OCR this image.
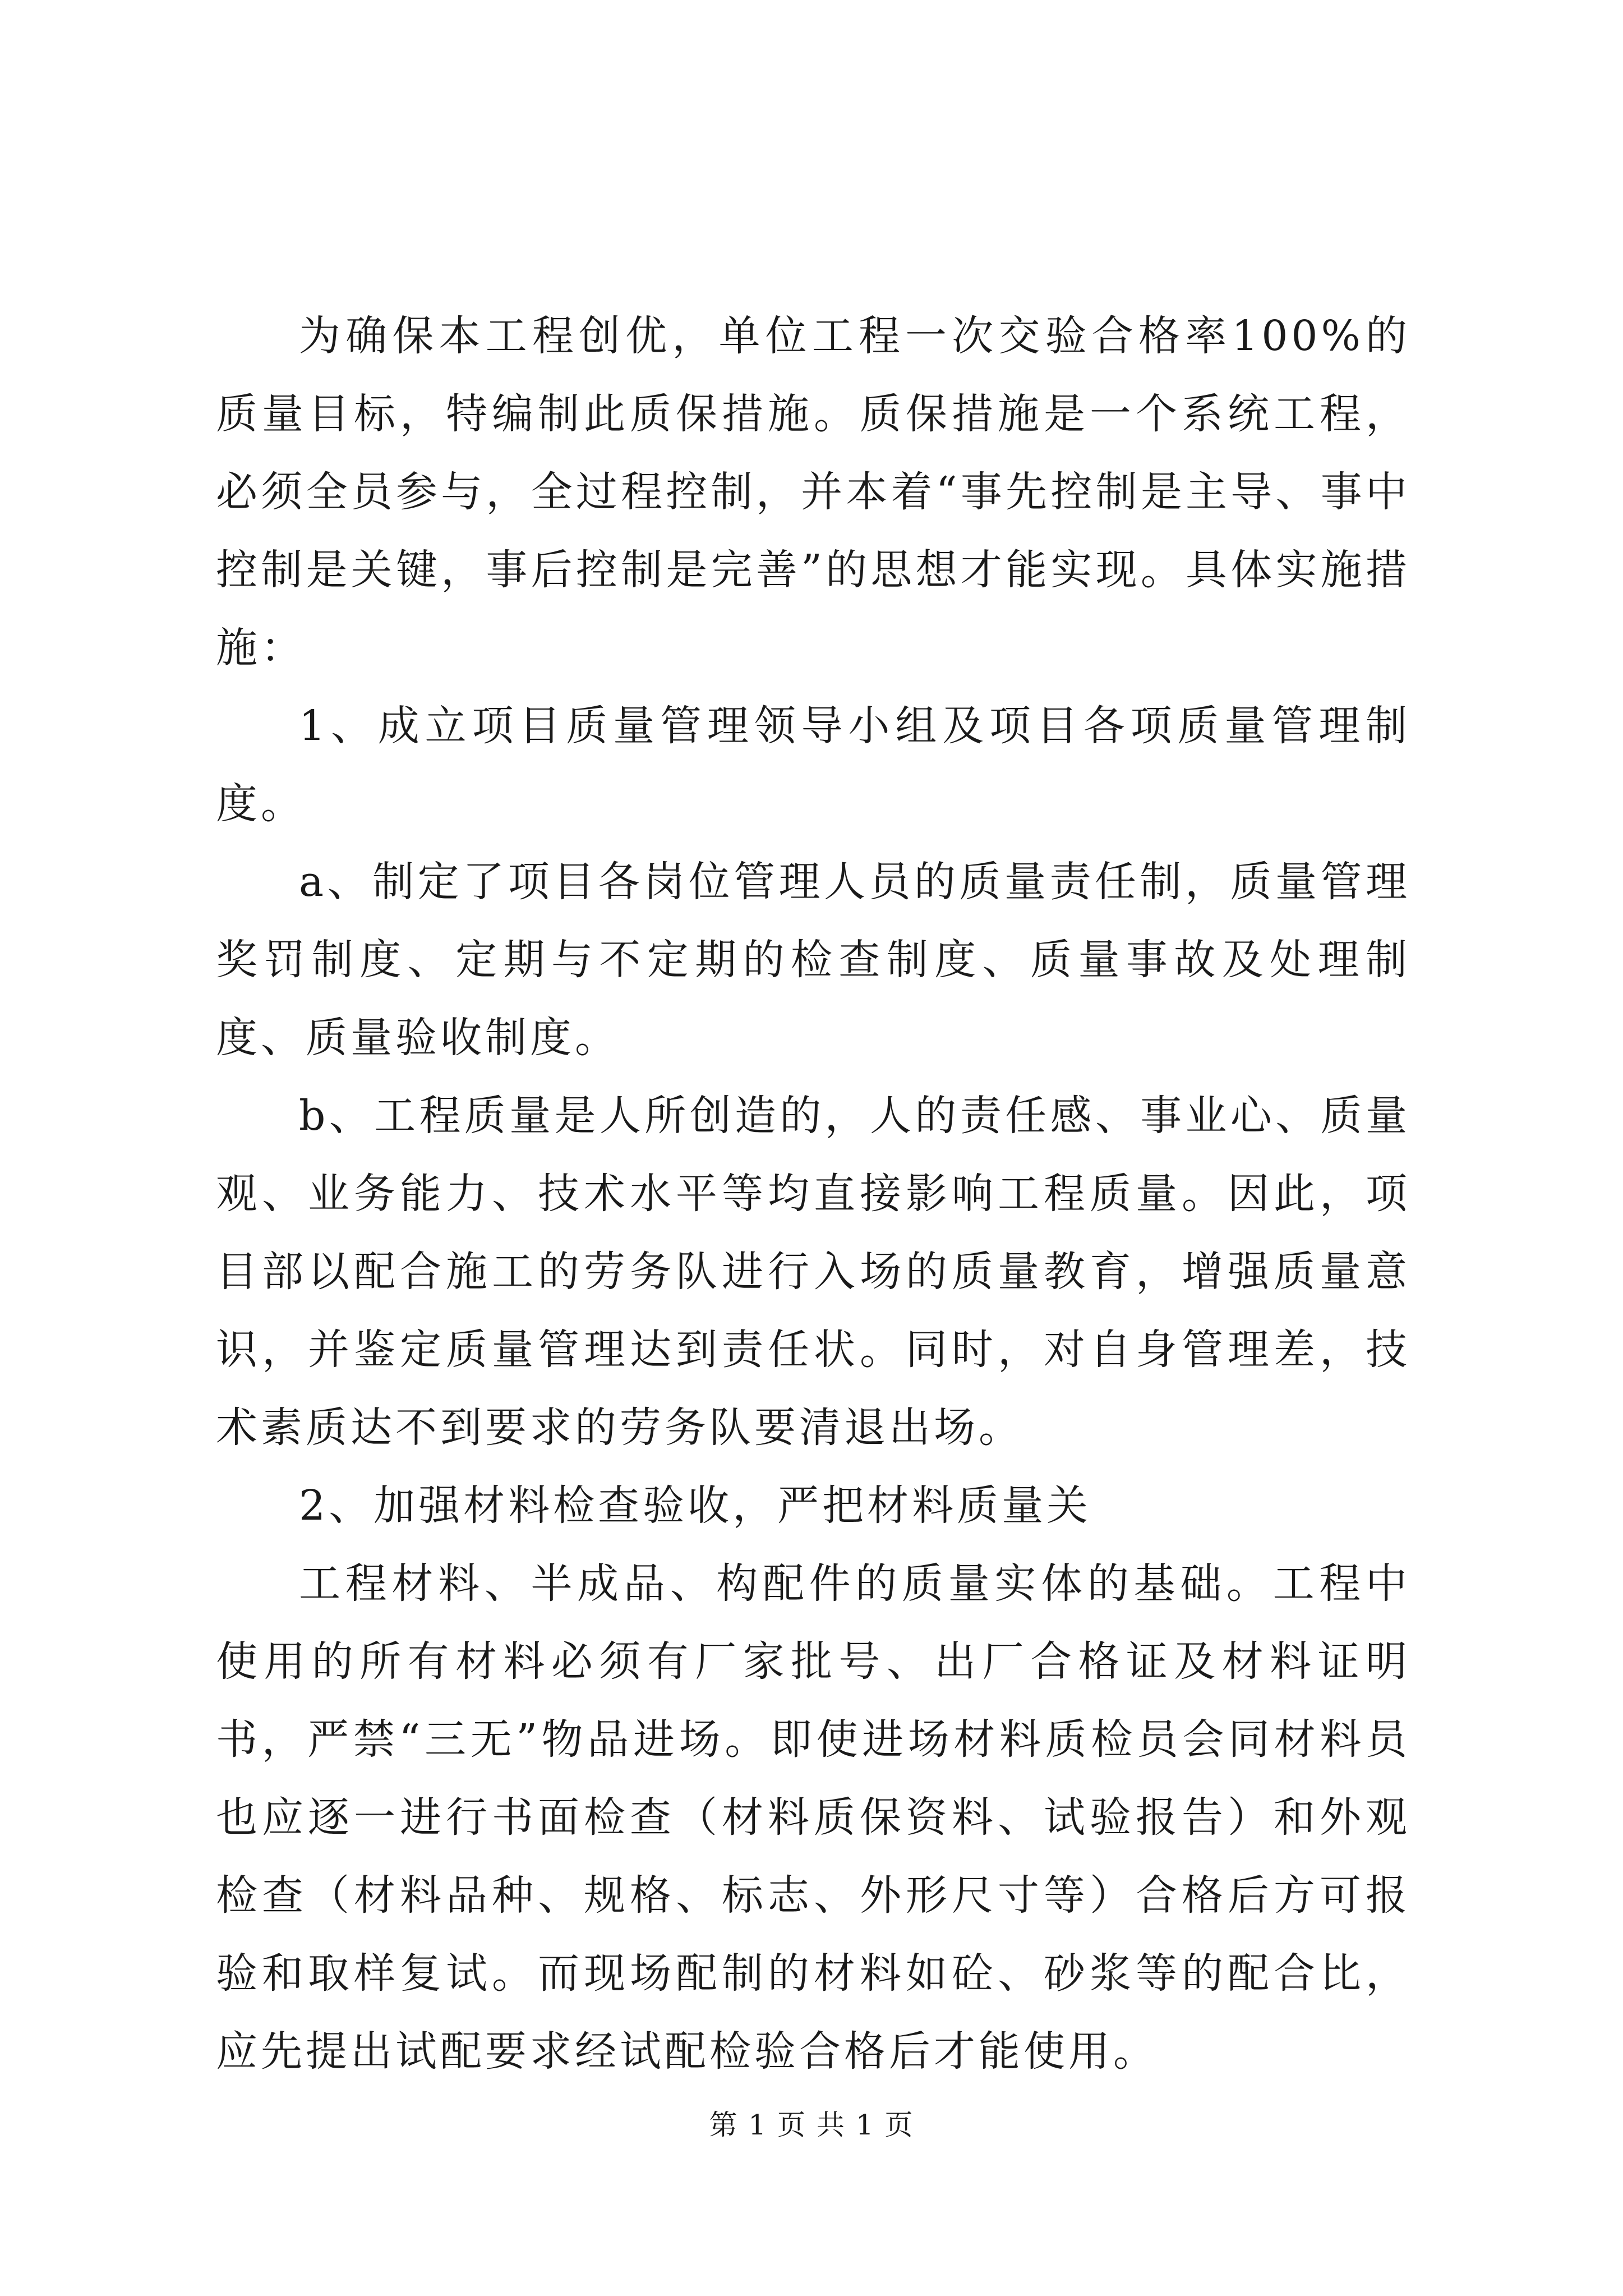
为确保本工程创优，单位工程一次交验合格率100%的质量目标，特编制此质保措施。质保措施是一个系统工程，必须全员参与，全过程控制，并本着“事先控制是主导、事中控制是关键，事后控制是完善”的思想才能实现。具体实施措施：

1、成立项目质量管理领导小组及项目各项质量管理制度。

a、制定了项目各岗位管理人员的质量责任制，质量管理奖罚制度、定期与不定期的检查制度、质量事故及处理制度、质量验收制度。

b、工程质量是人所创造的，人的责任感、事业心、质量观、业务能力、技术水平等均直接影响工程质量。因此，项目部以配合施工的劳务队进行入场的质量教育，增强质量意识，并鉴定质量管理达到责任状。同时，对自身管理差，技术素质达不到要求的劳务队要清退出场。

2、加强材料检查验收，严把材料质量关

工程材料、半成品、构配件的质量实体的基础。工程中使用的所有材料必须有厂家批号、出厂合格证及材料证明书，严禁“三无”物品进场。即使进场材料质检员会同材料员也应逐一进行书面检查（材料质保资料、试验报告）和外观检查（材料品种、规格、标志、外形尺寸等）合格后方可报验和取样复试。而现场配制的材料如砼、砂浆等的配合比，应先提出试配要求经试配检验合格后才能使用。

第 1 页 共 1 页
